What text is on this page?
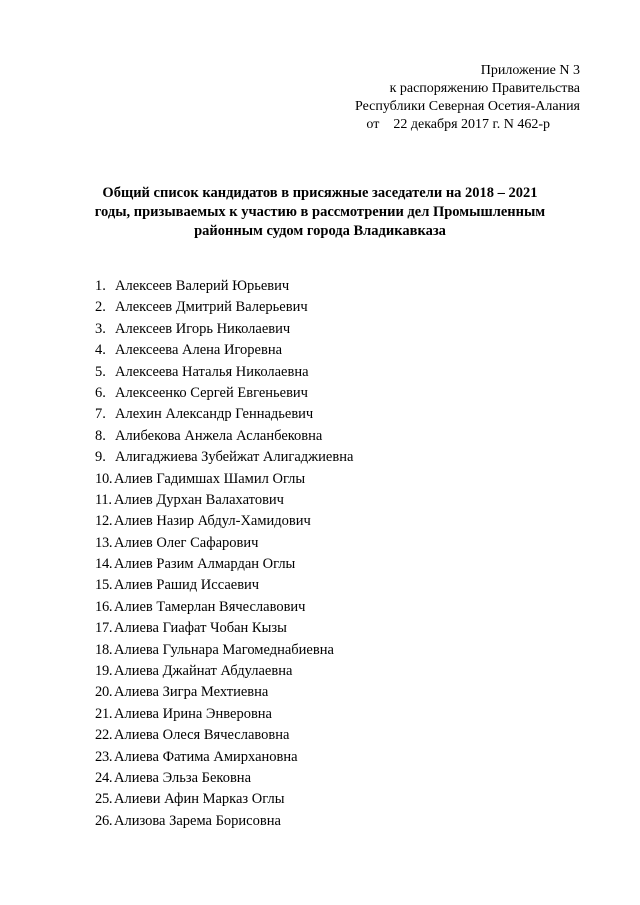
Приложение N 3
к распоряжению Правительства
Республики Северная Осетия-Алания
от    22 декабря 2017 г. N 462-р
Общий список кандидатов в присяжные заседатели на 2018 – 2021
годы, призываемых к участию в рассмотрении дел Промышленным
районным судом города Владикавказа
1. Алексеев Валерий Юрьевич
2. Алексеев Дмитрий Валерьевич
3. Алексеев Игорь Николаевич
4. Алексеева Алена Игоревна
5. Алексеева Наталья Николаевна
6. Алексеенко Сергей Евгеньевич
7. Алехин Александр Геннадьевич
8. Алибекова Анжела Асланбековна
9. Алигаджиева Зубейжат Алигаджиевна
10. Алиев Гадимшах Шамил Оглы
11. Алиев Дурхан Валахатович
12. Алиев Назир Абдул-Хамидович
13. Алиев Олег Сафарович
14. Алиев Разим Алмардан Оглы
15. Алиев Рашид Иссаевич
16. Алиев Тамерлан Вячеславович
17. Алиева Гиафат Чобан Кызы
18. Алиева Гульнара Магомеднабиевна
19. Алиева Джайнат Абдулаевна
20. Алиева Зигра Мехтиевна
21. Алиева Ирина Энверовна
22. Алиева Олеся Вячеславовна
23. Алиева Фатима Амирхановна
24. Алиева Эльза Бековна
25. Алиеви Афин Марказ Оглы
26. Ализова Зарема Борисовна
